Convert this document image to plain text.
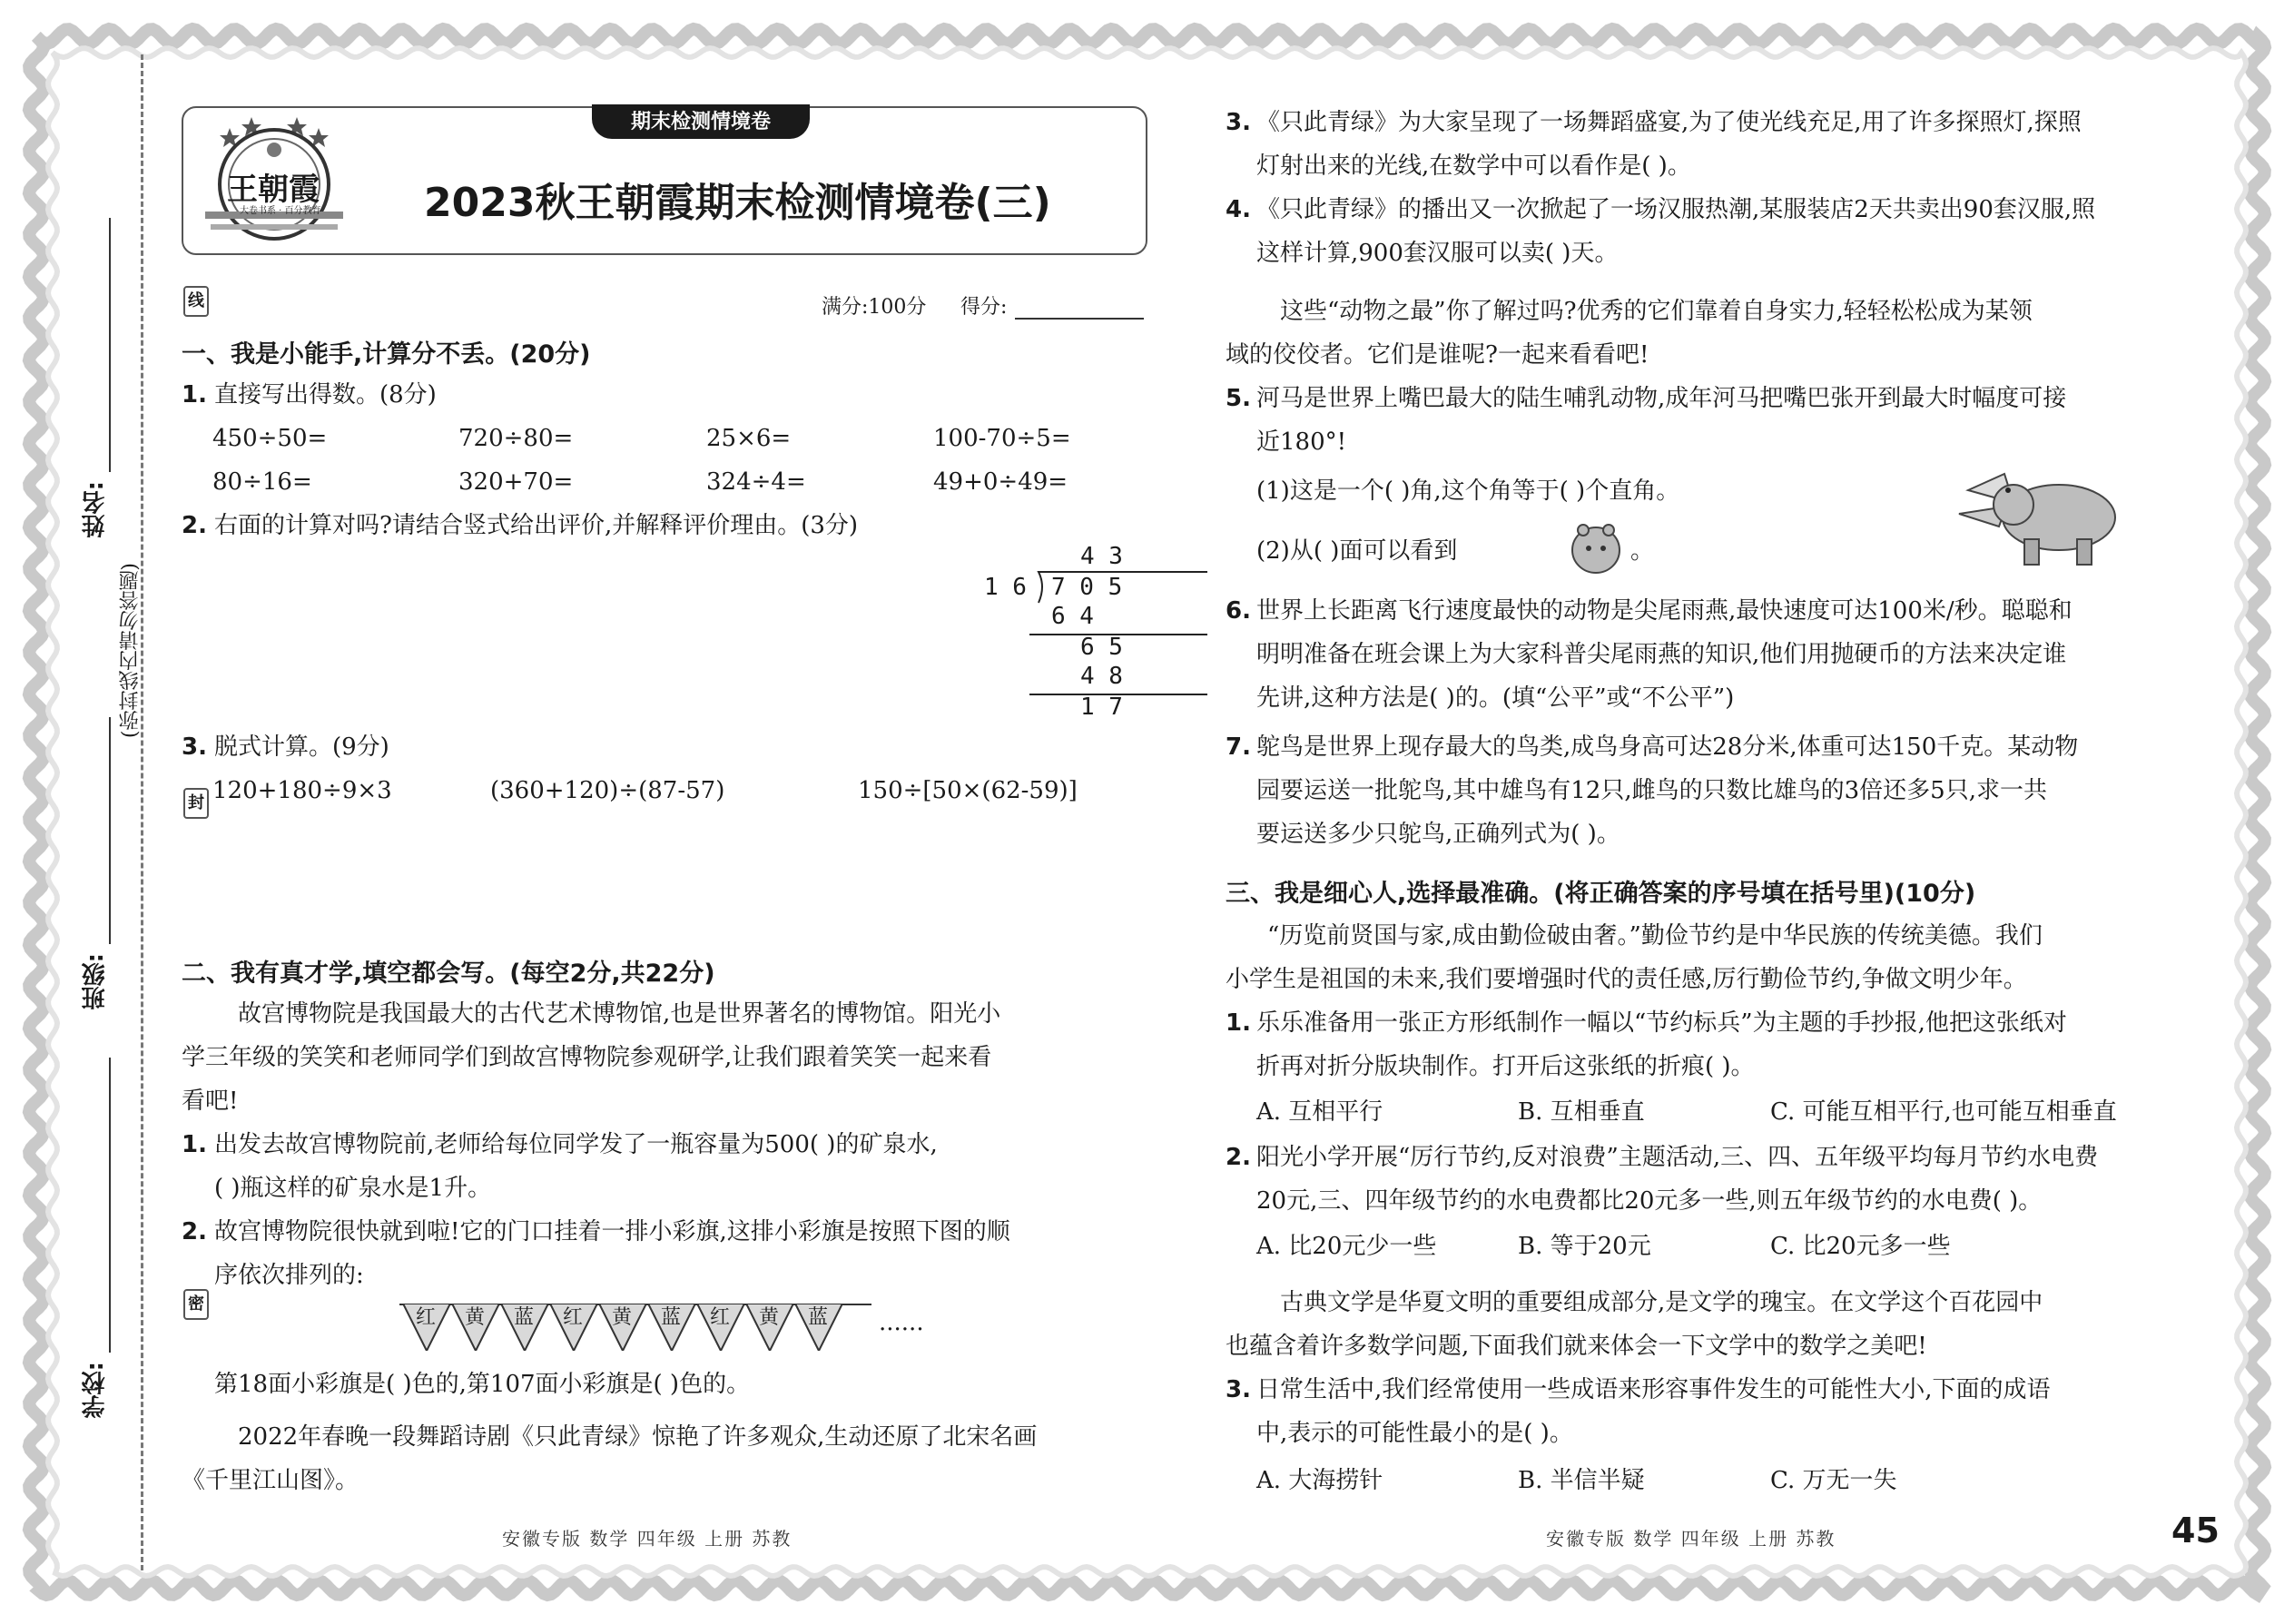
线
封
密
(弥封线内请勿答题)
姓名:
班级:
学校:
王朝霞
大卷书系 · 百分教育
期末检测情境卷
2023秋王朝霞期末检测情境卷(三)
满分:100分 得分:
一、我是小能手,计算分不丢。(20分)
1. 直接写出得数。(8分)
450÷50=	720÷80=	25×6=	100-70÷5=
80÷16=	320+70=	324÷4=	49+0÷49=
2. 右面的计算对吗?请结合竖式给出评价,并解释评价理由。(3分)
4 3
1 6 7 0 5
6 4
6 5
4 8
1 7
3. 脱式计算。(9分)
120+180÷9×3	(360+120)÷(87-57)	150÷[50×(62-59)]
二、我有真才学,填空都会写。(每空2分,共22分)
故宫博物院是我国最大的古代艺术博物馆,也是世界著名的博物馆。阳光小
学三年级的笑笑和老师同学们到故宫博物院参观研学,让我们跟着笑笑一起来看
看吧!
1. 出发去故宫博物院前,老师给每位同学发了一瓶容量为500( )的矿泉水,
( )瓶这样的矿泉水是1升。
2. 故宫博物院很快就到啦!它的门口挂着一排小彩旗,这排小彩旗是按照下图的顺
序依次排列的:
红 黄 蓝 红 黄 蓝 红 黄 蓝 ......
第18面小彩旗是( )色的,第107面小彩旗是( )色的。
2022年春晚一段舞蹈诗剧《只此青绿》惊艳了许多观众,生动还原了北宋名画
《千里江山图》。
安徽专版 数学 四年级 上册 苏教
3. 《只此青绿》为大家呈现了一场舞蹈盛宴,为了使光线充足,用了许多探照灯,探照
灯射出来的光线,在数学中可以看作是( )。
4. 《只此青绿》的播出又一次掀起了一场汉服热潮,某服装店2天共卖出90套汉服,照
这样计算,900套汉服可以卖( )天。
这些“动物之最”你了解过吗?优秀的它们靠着自身实力,轻轻松松成为某领
域的佼佼者。它们是谁呢?一起来看看吧!
5. 河马是世界上嘴巴最大的陆生哺乳动物,成年河马把嘴巴张开到最大时幅度可接
近180°!
(1)这是一个( )角,这个角等于( )个直角。
(2)从( )面可以看到	。
6. 世界上长距离飞行速度最快的动物是尖尾雨燕,最快速度可达100米/秒。聪聪和
明明准备在班会课上为大家科普尖尾雨燕的知识,他们用抛硬币的方法来决定谁
先讲,这种方法是( )的。(填“公平”或“不公平”)
7. 鸵鸟是世界上现存最大的鸟类,成鸟身高可达28分米,体重可达150千克。某动物
园要运送一批鸵鸟,其中雄鸟有12只,雌鸟的只数比雄鸟的3倍还多5只,求一共
要运送多少只鸵鸟,正确列式为( )。
三、我是细心人,选择最准确。(将正确答案的序号填在括号里)(10分)
“历览前贤国与家,成由勤俭破由奢。”勤俭节约是中华民族的传统美德。我们
小学生是祖国的未来,我们要增强时代的责任感,厉行勤俭节约,争做文明少年。
1. 乐乐准备用一张正方形纸制作一幅以“节约标兵”为主题的手抄报,他把这张纸对
折再对折分版块制作。打开后这张纸的折痕( )。
A. 互相平行	B. 互相垂直	C. 可能互相平行,也可能互相垂直
2. 阳光小学开展“厉行节约,反对浪费”主题活动,三、四、五年级平均每月节约水电费
20元,三、四年级节约的水电费都比20元多一些,则五年级节约的水电费( )。
A. 比20元少一些	B. 等于20元	C. 比20元多一些
古典文学是华夏文明的重要组成部分,是文学的瑰宝。在文学这个百花园中
也蕴含着许多数学问题,下面我们就来体会一下文学中的数学之美吧!
3. 日常生活中,我们经常使用一些成语来形容事件发生的可能性大小,下面的成语
中,表示的可能性最小的是( )。
A. 大海捞针	B. 半信半疑	C. 万无一失
安徽专版 数学 四年级 上册 苏教	45
